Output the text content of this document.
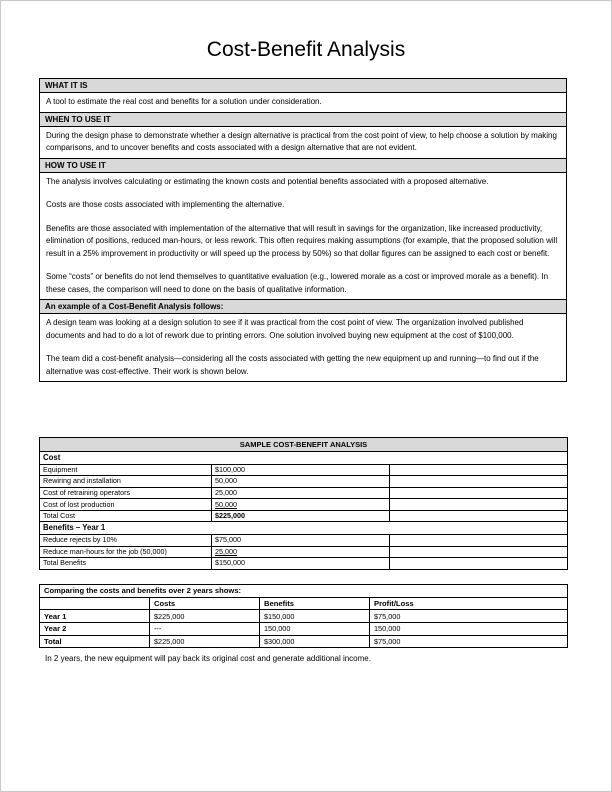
Cost-Benefit Analysis
WHAT IT IS

A tool to estimate the real cost and benefits for a solution under consideration.

WHEN TO USE IT

During the design phase to demonstrate whether a design alternative is practical from the cost point of view, to help choose a solution by making comparisons, and to uncover benefits and costs associated with a design alternative that are not evident.

HOW TO USE IT

The analysis involves calculating or estimating the known costs and potential benefits associated with a proposed alternative.

Costs are those costs associated with implementing the alternative.

Benefits are those associated with implementation of the alternative that will result in savings for the organization, like increased productivity, elimination of positions, reduced man-hours, or less rework. This often requires making assumptions (for example, that the proposed solution will result in a 25% improvement in productivity or will speed up the process by 50%) so that dollar figures can be assigned to each cost or benefit.

Some “costs” or benefits do not lend themselves to quantitative evaluation (e.g., lowered morale as a cost or improved morale as a benefit). In these cases, the comparison will need to done on the basis of qualitative information.

An example of a Cost-Benefit Analysis follows:

A design team was looking at a design solution to see if it was practical from the cost point of view. The organization involved published documents and had to do a lot of rework due to printing errors. One solution involved buying new equipment at the cost of $100,000.

The team did a cost-benefit analysis—considering all the costs associated with getting the new equipment up and running—to find out if the alternative was cost-effective. Their work is shown below.

SAMPLE COST-BENEFIT ANALYSIS		
Cost		
Equipment	$100,000	
Rewiring and installation	50,000	
Cost of retraining operators	25,000	
Cost of lost production	50,000	
Total Cost	$225,000	
Benefits – Year 1		
Reduce rejects by 10%	$75,000	
Reduce man-hours for the job (50,000)	25,000	
Total Benefits	$150,000	
Comparing the costs and benefits over 2 years shows:			
	Costs	Benefits	Profit/Loss
Year 1	$225,000	$150,000	$75,000
Year 2	---	150,000	150,000
Total	$225,000	$300,000	$75,000
In 2 years, the new equipment will pay back its original cost and generate additional income.
